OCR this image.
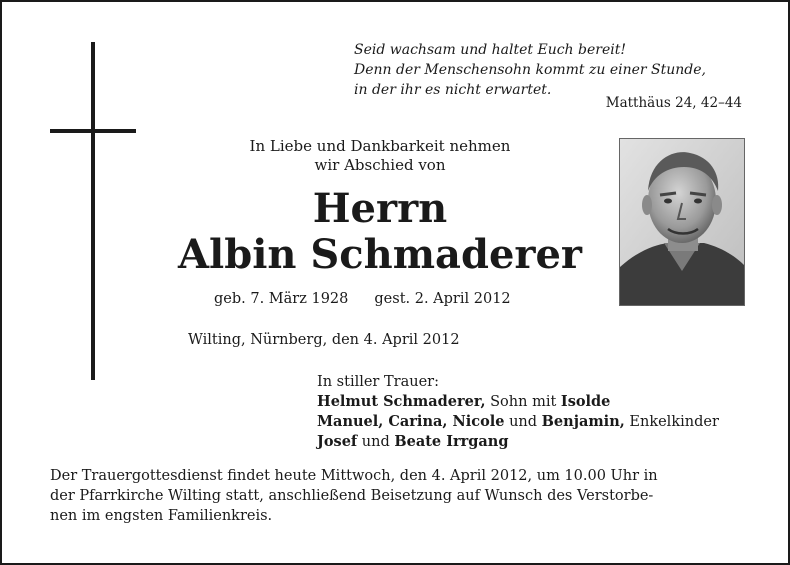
Seid wachsam und haltet Euch bereit!
Denn der Menschensohn kommt zu einer Stunde,
in der ihr es nicht erwartet.
Matthäus 24, 42–44
In Liebe und Dankbarkeit nehmen
wir Abschied von
Herrn
Albin Schmaderer
geb. 7. März 1928 gest. 2. April 2012
Wilting, Nürnberg, den 4. April 2012
In stiller Trauer:
Helmut Schmaderer, Sohn mit Isolde
Manuel, Carina, Nicole und Benjamin, Enkelkinder
Josef und Beate Irrgang
Der Trauergottesdienst findet heute Mittwoch, den 4. April 2012, um 10.00 Uhr in
der Pfarrkirche Wilting statt, anschließend Beisetzung auf Wunsch des Verstorbe-
nen im engsten Familienkreis.
